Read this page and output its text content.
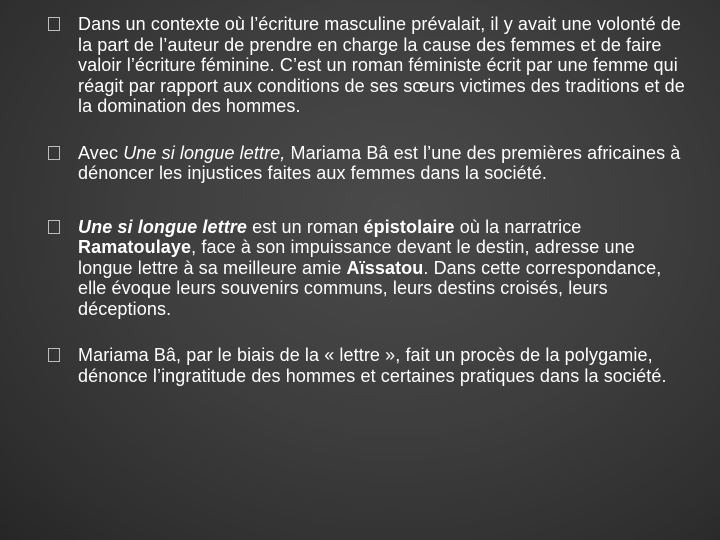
Dans un contexte où l’écriture masculine prévalait, il y avait une volonté de la part de l’auteur de prendre en charge la cause des femmes et de faire valoir l’écriture féminine. C’est un roman féministe écrit par une femme qui réagit par rapport aux conditions de ses sœurs victimes des traditions et de la domination des hommes.
Avec Une si longue lettre, Mariama Bâ est l’une des premières africaines à dénoncer les injustices faites aux femmes dans la société.
Une si longue lettre est un roman épistolaire où la narratrice Ramatoulaye, face à son impuissance devant le destin, adresse une longue lettre à sa meilleure amie Aïssatou. Dans cette correspondance, elle évoque leurs souvenirs communs, leurs destins croisés, leurs déceptions.
Mariama Bâ, par le biais de la « lettre », fait un procès de la polygamie, dénonce l’ingratitude des hommes et certaines pratiques dans la société.
